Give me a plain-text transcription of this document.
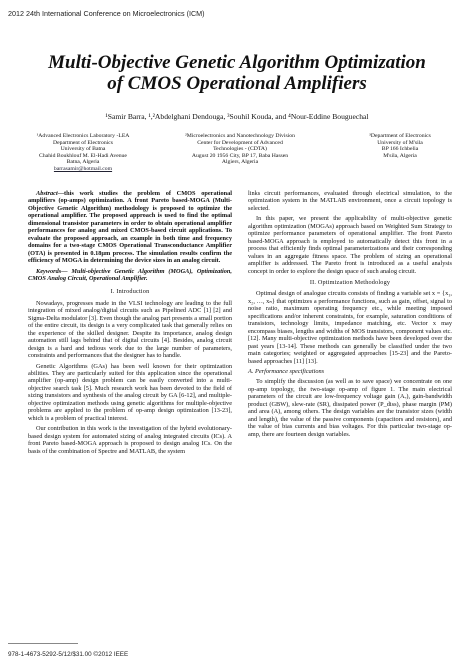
2012 24th International Conference on Microelectronics (ICM)
Multi-Objective Genetic Algorithm Optimization
of CMOS Operational Amplifiers
¹Samir Barra, ¹,²Abdelghani Dendouga, ³Souhil Kouda, and ⁴Nour-Eddine Bouguechal
¹Advanced Electronics Laboratory -LEA
Department of Electronics
University of Batna
Chahid Boukhlouf M. El-Hadi Avenue
Batna, Algeria
barrasamir@hotmail.com
²Microelectronics and Nanotechnology Division
Center for Development of Advanced
Technologies - (CDTA)
August 20 1956 City, BP 17, Baba Hassen
Algiers, Algeria
³Department of Electronics
University of M'sila
BP 166 Ichbelia
M'sila, Algeria

Abstract—this work studies the problem of CMOS operational amplifiers (op-amps) optimization. A front Pareto based-MOGA (Multi-Objective Genetic Algorithm) methodology is proposed to optimize the operational amplifier. The proposed approach is used to find the optimal dimensional transistor parameters in order to obtain operational amplifier performances for analog and mixed CMOS-based circuit applications. To evaluate the proposed approach, an example in both time and frequency domains for a two-stage CMOS Operational Transconductance Amplifier (OTA) is presented in 0.18µm process. The simulation results confirm the efficiency of MOGA in determining the device sizes in an analog circuit.

Keywords— Multi-objective Genetic Algorithm (MOGA), Optimization, CMOS Analog Circuit, Operational Amplifier.

I. Introduction

Nowadays, progresses made in the VLSI technology are leading to the full integration of mixed analog/digital circuits such as Pipelined ADC [1] [2] and Sigma-Delta modulator [3]. Even though the analog part presents a small portion of the entire circuit, its design is a very complicated task that generally relies on the experience of the skilled designer. Despite its importance, analog design automation still lags behind that of digital circuits [4]. Besides, analog circuit design is a hard and tedious work due to the large number of parameters, constraints and performances that the designer has to handle.

Genetic Algorithms (GAs) has been well known for their optimization abilities. They are particularly suited for this application since the operational amplifier (op-amp) design problem can be easily converted into a multi-objective search task [5]. Much research work has been devoted to the field of sizing transistors and synthesis of the analog circuit by GA [6-12], and multiple-objective optimization methods using genetic algorithms for multiple-objective problems are applied to the problem of op-amp design optimization [13-23], which is a problem of practical interest.

Our contribution in this work is the investigation of the hybrid evolutionary-based design system for automated sizing of analog integrated circuits (ICs). A front Pareto based-MOGA approach is proposed to design analog ICs. On the basis of the combination of Spectre and MATLAB, the system

links circuit performances, evaluated through electrical simulation, to the optimization system in the MATLAB environment, once a circuit topology is selected.

In this paper, we present the applicability of multi-objective genetic algorithm optimization (MOGAs) approach based on Weighted Sum Strategy to optimize performance parameters of operational amplifier. The front Pareto based-MOGA approach is employed to automatically detect this front in a process that efficiently finds optimal parameterizations and their corresponding values in an aggregate fitness space. The problem of sizing an operational amplifier is addressed. The Pareto front is introduced as a useful analysis concept in order to explore the design space of such analog circuit.

II. Optimization Methodology

Optimal design of analogue circuits consists of finding a variable set x = {x₁, x₂, …, xₙ} that optimizes a performance functions, such as gain, offset, signal to noise ratio, maximum operating frequency etc., while meeting imposed specifications and/or inherent constraints, for example, saturation conditions of transistors, technology limits, impedance matching, etc. Vector x may encompass biases, lengths and widths of MOS transistors, component values etc. [12]. Many multi-objective optimization methods have been developed over the past years [13-14]. These methods can generally be classified under the two main categories; weighted or aggregated approaches [15-23] and the Pareto-based approaches [11] [13].

A. Performance specifications

To simplify the discussion (as well as to save space) we concentrate on one op-amp topology, the two-stage op-amp of figure 1. The main electrical parameters of the circuit are low-frequency voltage gain (Aᵥ), gain-bandwidth product (GBW), slew-rate (SR), dissipated power (P_diss), phase margin (PM) and area (A), among others. The design variables are the transistor sizes (width and length), the value of the passive components (capacitors and resistors), and the value of bias currents and bias voltages. For this particular two-stage op-amp, there are fourteen design variables.

978-1-4673-5292-5/12/$31.00 ©2012 IEEE
